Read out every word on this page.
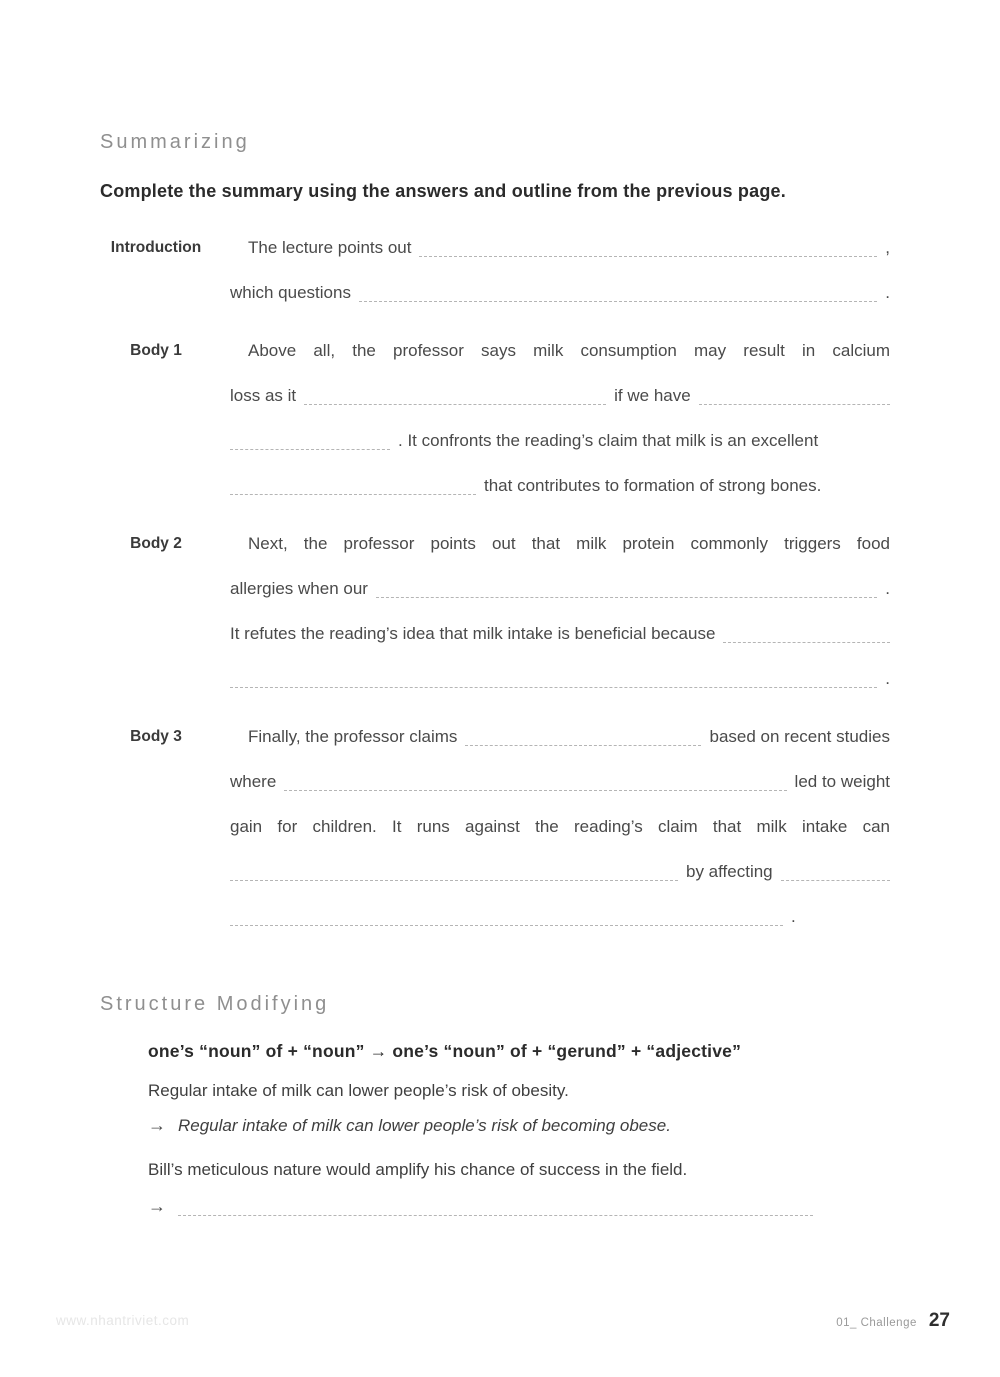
Summarizing

Complete the summary using the answers and outline from the previous page.

Introduction	The lecture points out	,
which questions	.
Body 1	Above all, the professor says milk consumption may result in calcium
loss as it	if we have
. It confronts the reading’s claim that milk is an excellent
that contributes to formation of strong bones.
Body 2	Next, the professor points out that milk protein commonly triggers food
allergies when our	.
It refutes the reading’s idea that milk intake is beneficial because
.
Body 3	Finally, the professor claims	based on recent studies
where	led to weight
gain for children. It runs against the reading’s claim that milk intake can
by affecting
.
Structure Modifying
one’s “noun” of + “noun” → one’s “noun” of + “gerund” + “adjective”
Regular intake of milk can lower people’s risk of obesity.
→ Regular intake of milk can lower people’s risk of becoming obese.
Bill’s meticulous nature would amplify his chance of success in the field.
→
www.nhantriviet.com	01_ Challenge 27
